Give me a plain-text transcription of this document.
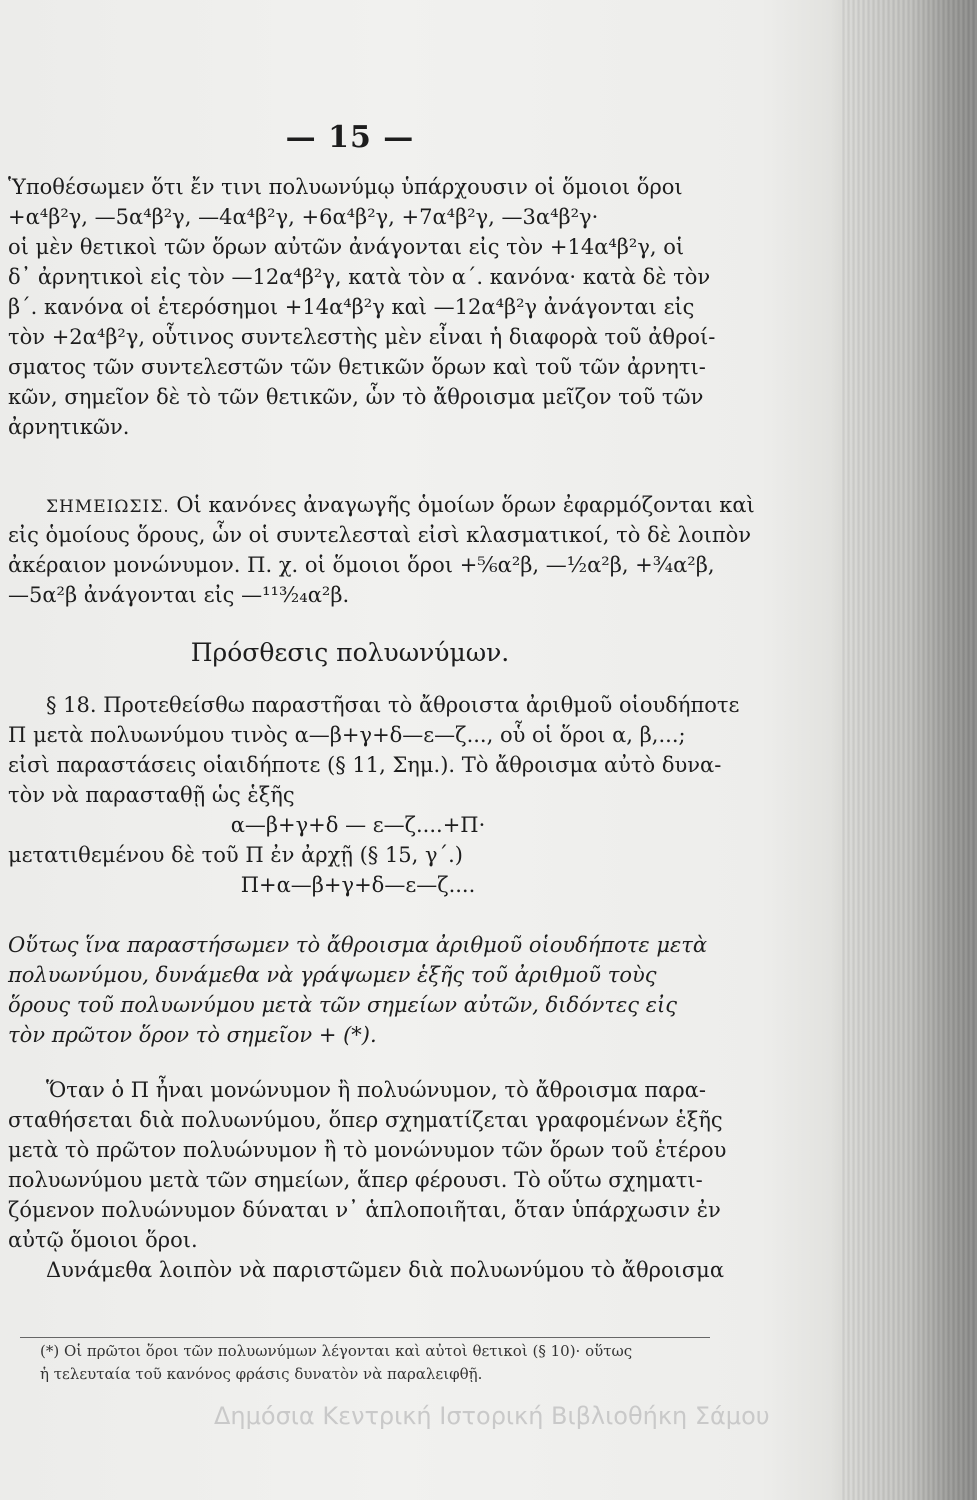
— 15 —
Ὑποθέσωμεν ὅτι ἔν τινι πολυωνύμῳ ὑπάρχουσιν οἱ ὅμοιοι ὅροι
+α⁴β²γ, —5α⁴β²γ, —4α⁴β²γ, +6α⁴β²γ, +7α⁴β²γ, —3α⁴β²γ·
οἱ μὲν θετικοὶ τῶν ὅρων αὐτῶν ἀνάγονται εἰς τὸν +14α⁴β²γ, οἱ
δ᾽ ἀρνητικοὶ εἰς τὸν —12α⁴β²γ, κατὰ τὸν α΄. κανόνα· κατὰ δὲ τὸν
β΄. κανόνα οἱ ἑτερόσημοι +14α⁴β²γ καὶ —12α⁴β²γ ἀνάγονται εἰς
τὸν +2α⁴β²γ, οὗτινος συντελεστὴς μὲν εἶναι ἡ διαφορὰ τοῦ ἀθροί-
σματος τῶν συντελεστῶν τῶν θετικῶν ὅρων καὶ τοῦ τῶν ἀρνητι-
κῶν, σημεῖον δὲ τὸ τῶν θετικῶν, ὧν τὸ ἄθροισμα μεῖζον τοῦ τῶν
ἀρνητικῶν.
ΣΗΜΕΙΩΣΙΣ. Οἱ κανόνες ἀναγωγῆς ὁμοίων ὅρων ἐφαρμόζονται καὶ
εἰς ὁμοίους ὅρους, ὧν οἱ συντελεσταὶ εἰσὶ κλασματικοί, τὸ δὲ λοιπὸν
ἀκέραιον μονώνυμον. Π. χ. οἱ ὅμοιοι ὅροι +⁵⁄₆α²β, —½α²β, +¾α²β,
—5α²β ἀνάγονται εἰς —¹¹³⁄₂₄α²β.
Πρόσθεσις πολυωνύμων.
§ 18. Προτεθείσθω παραστῆσαι τὸ ἄθροιστα ἀριθμοῦ οἱουδήποτε
Π μετὰ πολυωνύμου τινὸς α—β+γ+δ—ε—ζ..., οὗ οἱ ὅροι α, β,...;
εἰσὶ παραστάσεις οἱαιδήποτε (§ 11, Σημ.). Τὸ ἄθροισμα αὐτὸ δυνα-
τὸν νὰ παρασταθῇ ὡς ἑξῆς
α—β+γ+δ — ε—ζ....+Π·
μετατιθεμένου δὲ τοῦ Π ἐν ἀρχῇ (§ 15, γ΄.)
Π+α—β+γ+δ—ε—ζ....
Οὕτως ἵνα παραστήσωμεν τὸ ἄθροισμα ἀριθμοῦ οἱουδήποτε μετὰ
πολυωνύμου, δυνάμεθα νὰ γράψωμεν ἑξῆς τοῦ ἀριθμοῦ τοὺς
ὅρους τοῦ πολυωνύμου μετὰ τῶν σημείων αὐτῶν, διδόντες εἰς
τὸν πρῶτον ὅρον τὸ σημεῖον + (*).
Ὅταν ὁ Π ἦναι μονώνυμον ἢ πολυώνυμον, τὸ ἄθροισμα παρα-
σταθήσεται διὰ πολυωνύμου, ὅπερ σχηματίζεται γραφομένων ἑξῆς
μετὰ τὸ πρῶτον πολυώνυμον ἢ τὸ μονώνυμον τῶν ὅρων τοῦ ἑτέρου
πολυωνύμου μετὰ τῶν σημείων, ἅπερ φέρουσι. Τὸ οὕτω σχηματι-
ζόμενον πολυώνυμον δύναται ν᾽ ἁπλοποιῆται, ὅταν ὑπάρχωσιν ἐν
αὐτῷ ὅμοιοι ὅροι.
Δυνάμεθα λοιπὸν νὰ παριστῶμεν διὰ πολυωνύμου τὸ ἄθροισμα
(*) Οἱ πρῶτοι ὅροι τῶν πολυωνύμων λέγονται καὶ αὐτοὶ θετικοὶ (§ 10)· οὕτως
ἡ τελευταία τοῦ κανόνος φράσις δυνατὸν νὰ παραλειφθῇ.
Δημόσια Κεντρική Ιστορική Βιβλιοθήκη Σάμου
